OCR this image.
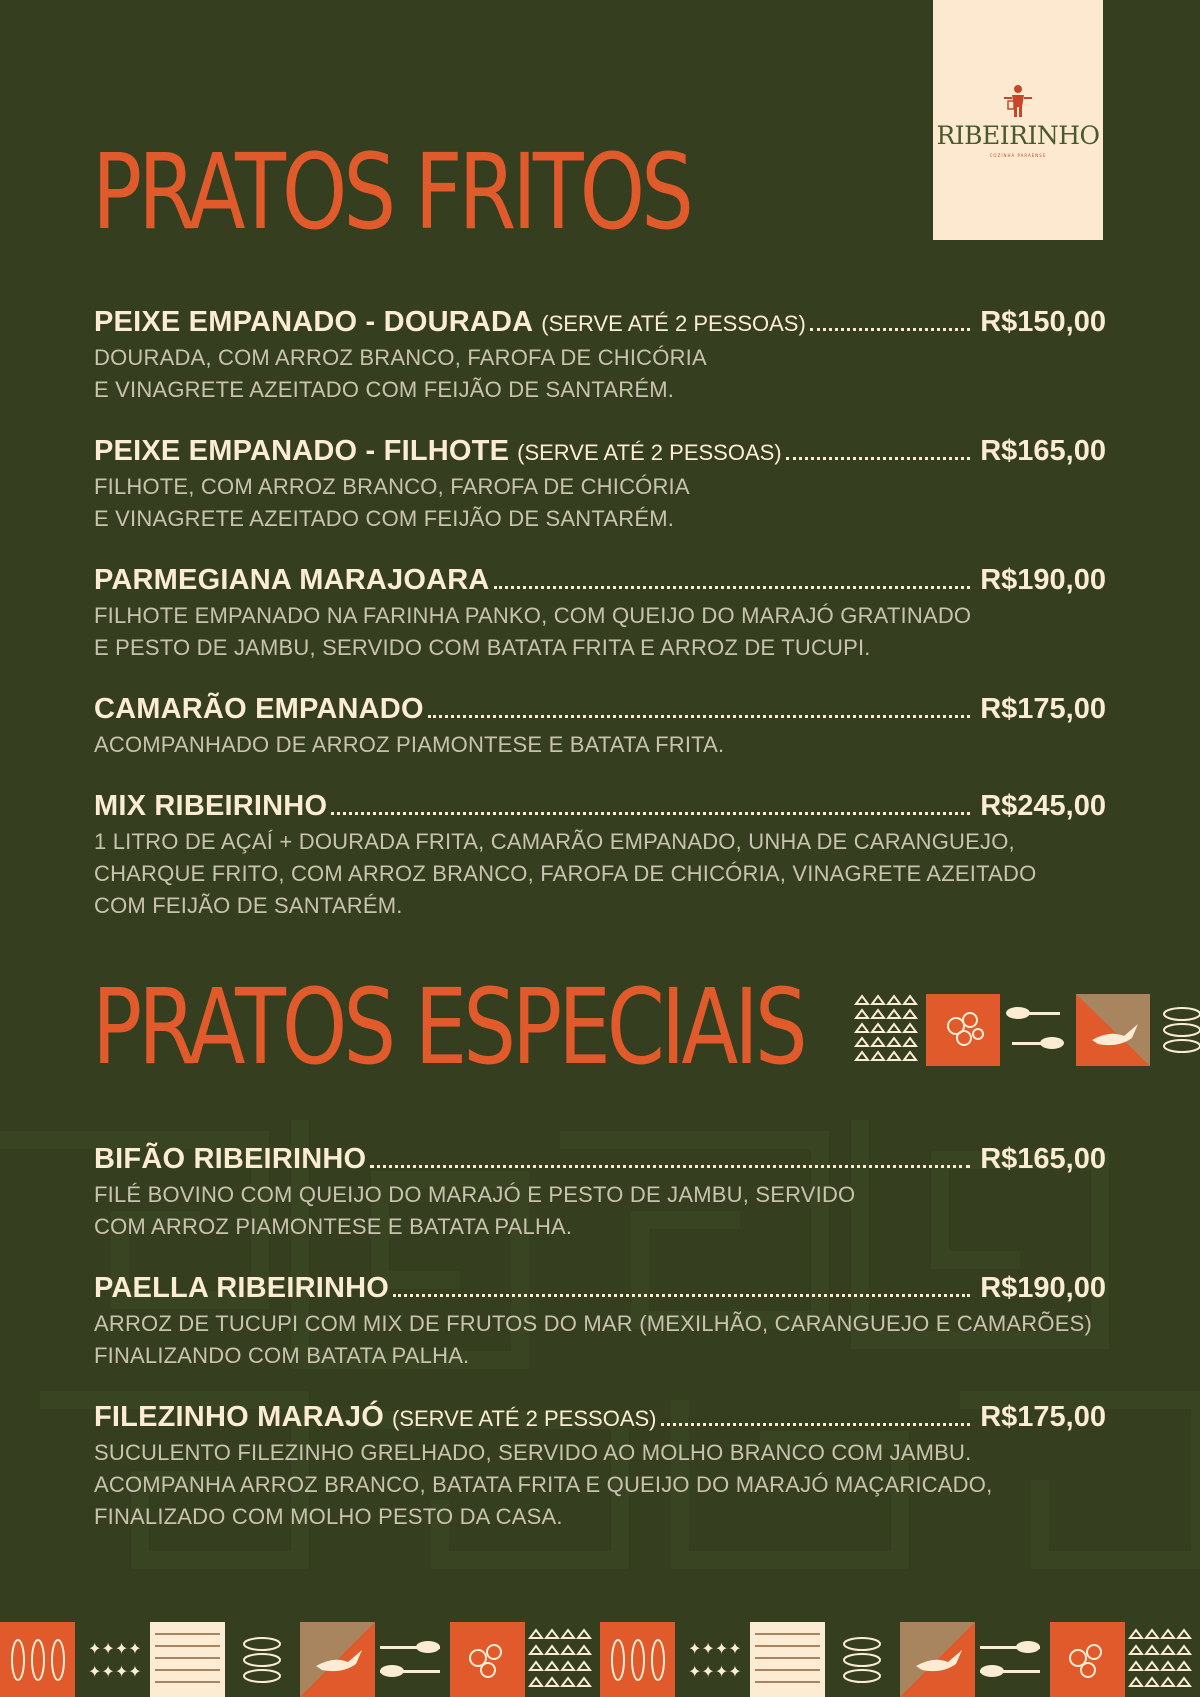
RIBEIRINHO
COZINHA PARAENSE
PRATOS FRITOS
PEIXE EMPANADO - DOURADA (SERVE ATÉ 2 PESSOAS)	R$150,00
DOURADA, COM ARROZ BRANCO, FAROFA DE CHICÓRIA
E VINAGRETE AZEITADO COM FEIJÃO DE SANTARÉM.
PEIXE EMPANADO - FILHOTE (SERVE ATÉ 2 PESSOAS)	R$165,00
FILHOTE, COM ARROZ BRANCO, FAROFA DE CHICÓRIA
E VINAGRETE AZEITADO COM FEIJÃO DE SANTARÉM.
PARMEGIANA MARAJOARA	R$190,00
FILHOTE EMPANADO NA FARINHA PANKO, COM QUEIJO DO MARAJÓ GRATINADO
E PESTO DE JAMBU, SERVIDO COM BATATA FRITA E ARROZ DE TUCUPI.
CAMARÃO EMPANADO	R$175,00
ACOMPANHADO DE ARROZ PIAMONTESE E BATATA FRITA.
MIX RIBEIRINHO	R$245,00
1 LITRO DE AÇAÍ + DOURADA FRITA, CAMARÃO EMPANADO, UNHA DE CARANGUEJO,
CHARQUE FRITO, COM ARROZ BRANCO, FAROFA DE CHICÓRIA, VINAGRETE AZEITADO
COM FEIJÃO DE SANTARÉM.
PRATOS ESPECIAIS
BIFÃO RIBEIRINHO	R$165,00
FILÉ BOVINO COM QUEIJO DO MARAJÓ E PESTO DE JAMBU, SERVIDO
COM ARROZ PIAMONTESE E BATATA PALHA.
PAELLA RIBEIRINHO	R$190,00
ARROZ DE TUCUPI COM MIX DE FRUTOS DO MAR (MEXILHÃO, CARANGUEJO E CAMARÕES)
FINALIZANDO COM BATATA PALHA.
FILEZINHO MARAJÓ (SERVE ATÉ 2 PESSOAS)	R$175,00
SUCULENTO FILEZINHO GRELHADO, SERVIDO AO MOLHO BRANCO COM JAMBU.
ACOMPANHA ARROZ BRANCO, BATATA FRITA E QUEIJO DO MARAJÓ MAÇARICADO,
FINALIZADO COM MOLHO PESTO DA CASA.
✦✦✦✦
✦✦✦✦
✦✦✦✦
✦✦✦✦
